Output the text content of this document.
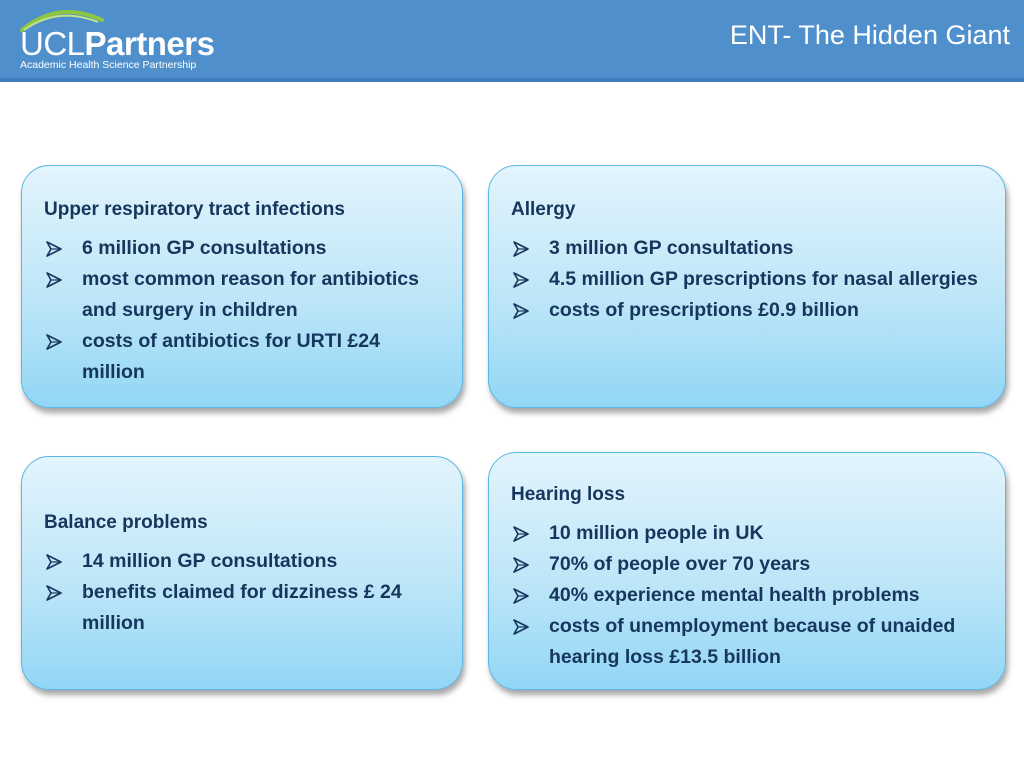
UCLPartners
Academic Health Science Partnership
ENT- The Hidden Giant
Upper respiratory tract infections
6 million GP consultations
most common reason for antibiotics and surgery in children
costs of antibiotics for URTI £24 million
Allergy
3 million GP consultations
4.5 million GP prescriptions for nasal allergies
costs of prescriptions £0.9 billion
Balance problems
14 million GP consultations
benefits claimed for dizziness £ 24 million
Hearing loss
10 million people in UK
70% of people over 70 years
40% experience mental health problems
costs of unemployment because of unaided hearing loss £13.5 billion
